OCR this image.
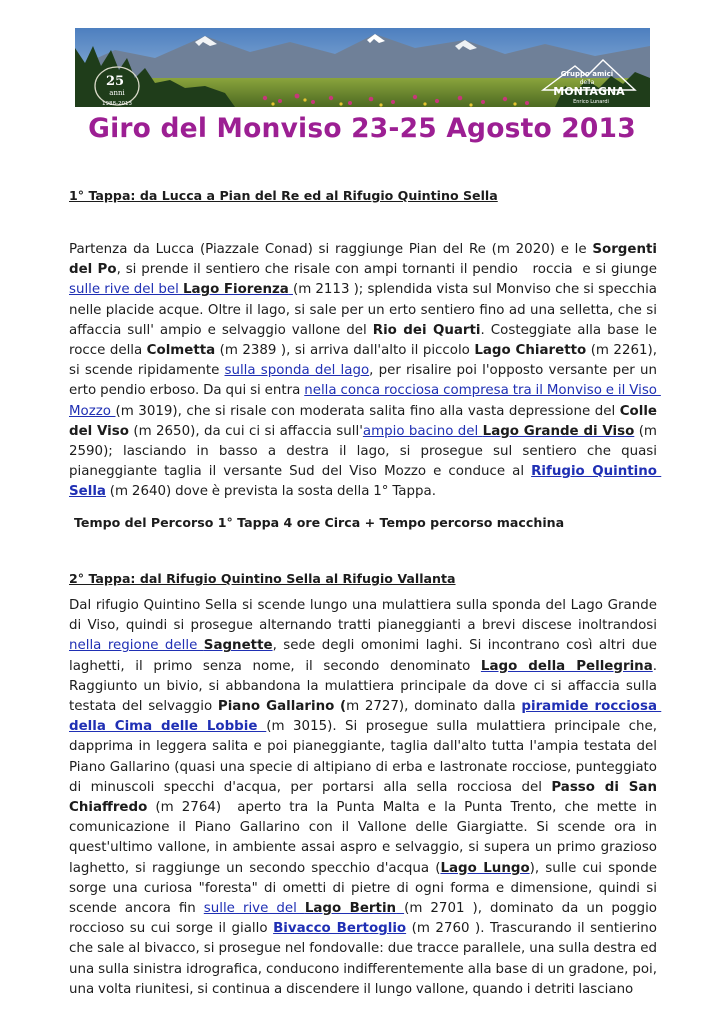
25
anni
1988-2013
Gruppo amici
della
MONTAGNA
Enrico Lunardi
Giro del Monviso 23-25 Agosto 2013
1° Tappa: da Lucca a Pian del Re ed al Rifugio Quintino Sella
Partenza da Lucca (Piazzale Conad) si raggiunge Pian del Re (m 2020) e le Sorgenti del Po, si prende il sentiero che risale con ampi tornanti il pendio   roccia  e si giunge sulle rive del bel Lago Fiorenza (m 2113 ); splendida vista sul Monviso che si specchia nelle placide acque. Oltre il lago, si sale per un erto sentiero fino ad una selletta, che si affaccia sull' ampio e selvaggio vallone del Rio dei Quarti. Costeggiate alla base le rocce della Colmetta (m 2389 ), si arriva dall'alto il piccolo Lago Chiaretto (m 2261), si scende ripidamente sulla sponda del lago, per risalire poi l'opposto versante per un erto pendio erboso. Da qui si entra nella conca rocciosa compresa tra il Monviso e il Viso Mozzo (m 3019), che si risale con moderata salita fino alla vasta depressione del Colle del Viso (m 2650), da cui ci si affaccia sull'ampio bacino del Lago Grande di Viso (m 2590); lasciando in basso a destra il lago, si prosegue sul sentiero che quasi pianeggiante taglia il versante Sud del Viso Mozzo e conduce al Rifugio Quintino Sella (m 2640) dove è prevista la sosta della 1° Tappa.
Tempo del Percorso 1° Tappa 4 ore Circa + Tempo percorso macchina
2° Tappa: dal Rifugio Quintino Sella al Rifugio Vallanta
Dal rifugio Quintino Sella si scende lungo una mulattiera sulla sponda del Lago Grande di Viso, quindi si prosegue alternando tratti pianeggianti a brevi discese inoltrandosi nella regione delle Sagnette, sede degli omonimi laghi. Si incontrano così altri due laghetti, il primo senza nome, il secondo denominato Lago della Pellegrina. Raggiunto un bivio, si abbandona la mulattiera principale da dove ci si affaccia sulla testata del selvaggio Piano Gallarino (m 2727), dominato dalla piramide rocciosa della Cima delle Lobbie (m 3015). Si prosegue sulla mulattiera principale che, dapprima in leggera salita e poi pianeggiante, taglia dall'alto tutta l'ampia testata del Piano Gallarino (quasi una specie di altipiano di erba e lastronate rocciose, punteggiato di minuscoli specchi d'acqua, per portarsi alla sella rocciosa del Passo di San Chiaffredo (m 2764)  aperto tra la Punta Malta e la Punta Trento, che mette in comunicazione il Piano Gallarino con il Vallone delle Giargiatte. Si scende ora in quest'ultimo vallone, in ambiente assai aspro e selvaggio, si supera un primo grazioso laghetto, si raggiunge un secondo specchio d'acqua (Lago Lungo), sulle cui sponde sorge una curiosa "foresta" di ometti di pietre di ogni forma e dimensione, quindi si scende ancora fin sulle rive del Lago Bertin (m 2701 ), dominato da un poggio roccioso su cui sorge il giallo Bivacco Bertoglio (m 2760 ). Trascurando il sentierino che sale al bivacco, si prosegue nel fondovalle: due tracce parallele, una sulla destra ed una sulla sinistra idrografica, conducono indifferentemente alla base di un gradone, poi, una volta riunitesi, si continua a discendere il lungo vallone, quando i detriti lasciano
